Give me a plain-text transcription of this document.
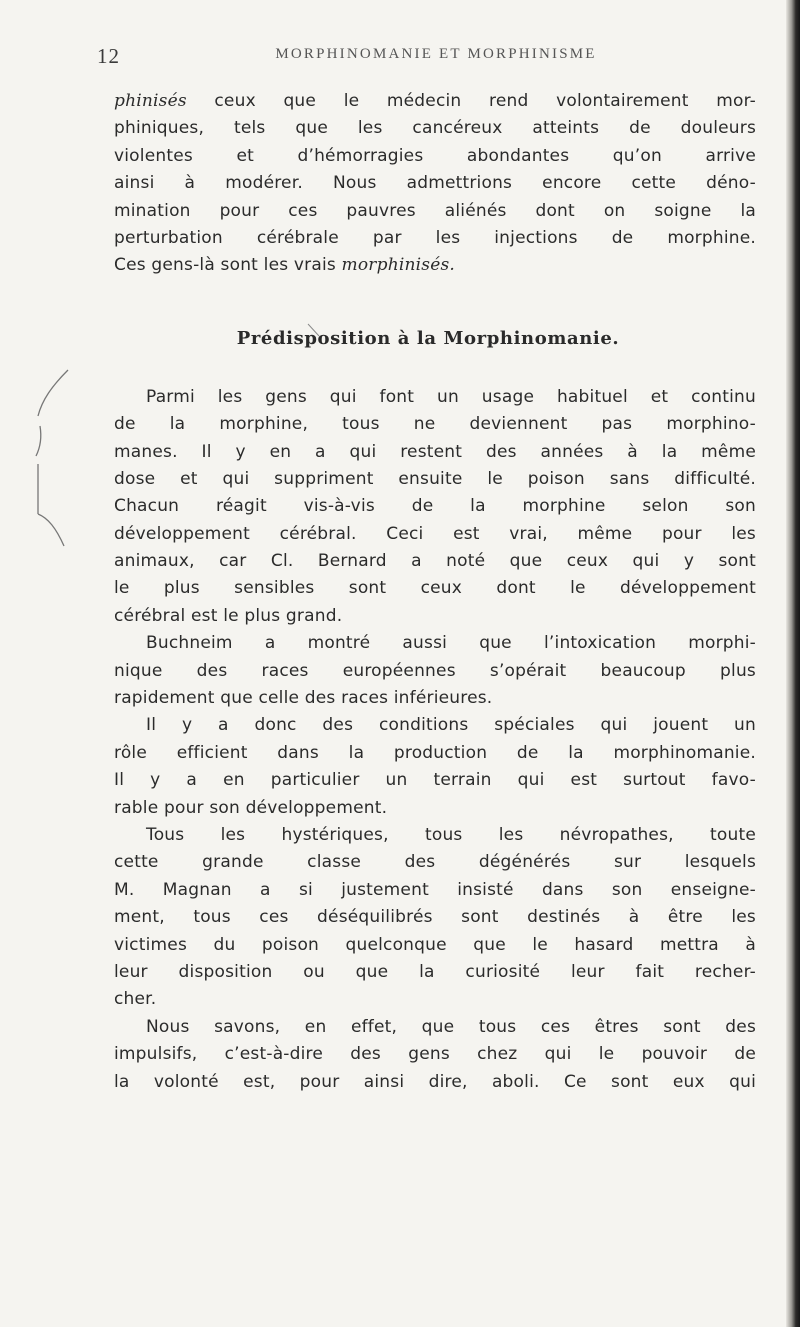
12	MORPHINOMANIE ET MORPHINISME
phinisés ceux que le médecin rend volontairement mor-
phiniques, tels que les cancéreux atteints de douleurs
violentes et d’hémorragies abondantes qu’on arrive
ainsi à modérer. Nous admettrions encore cette déno-
mination pour ces pauvres aliénés dont on soigne la
perturbation cérébrale par les injections de morphine.
Ces gens-là sont les vrais morphinisés.
Prédisposition à la Morphinomanie.
Parmi les gens qui font un usage habituel et continu
de la morphine, tous ne deviennent pas morphino-
manes. Il y en a qui restent des années à la même
dose et qui suppriment ensuite le poison sans difficulté.
Chacun réagit vis-à-vis de la morphine selon son
développement cérébral. Ceci est vrai, même pour les
animaux, car Cl. Bernard a noté que ceux qui y sont
le plus sensibles sont ceux dont le développement
cérébral est le plus grand.
Buchneim a montré aussi que l’intoxication morphi-
nique des races européennes s’opérait beaucoup plus
rapidement que celle des races inférieures.
Il y a donc des conditions spéciales qui jouent un
rôle efficient dans la production de la morphinomanie.
Il y a en particulier un terrain qui est surtout favo-
rable pour son développement.
Tous les hystériques, tous les névropathes, toute
cette grande classe des dégénérés sur lesquels
M. Magnan a si justement insisté dans son enseigne-
ment, tous ces déséquilibrés sont destinés à être les
victimes du poison quelconque que le hasard mettra à
leur disposition ou que la curiosité leur fait recher-
cher.
Nous savons, en effet, que tous ces êtres sont des
impulsifs, c’est-à-dire des gens chez qui le pouvoir de
la volonté est, pour ainsi dire, aboli. Ce sont eux qui
